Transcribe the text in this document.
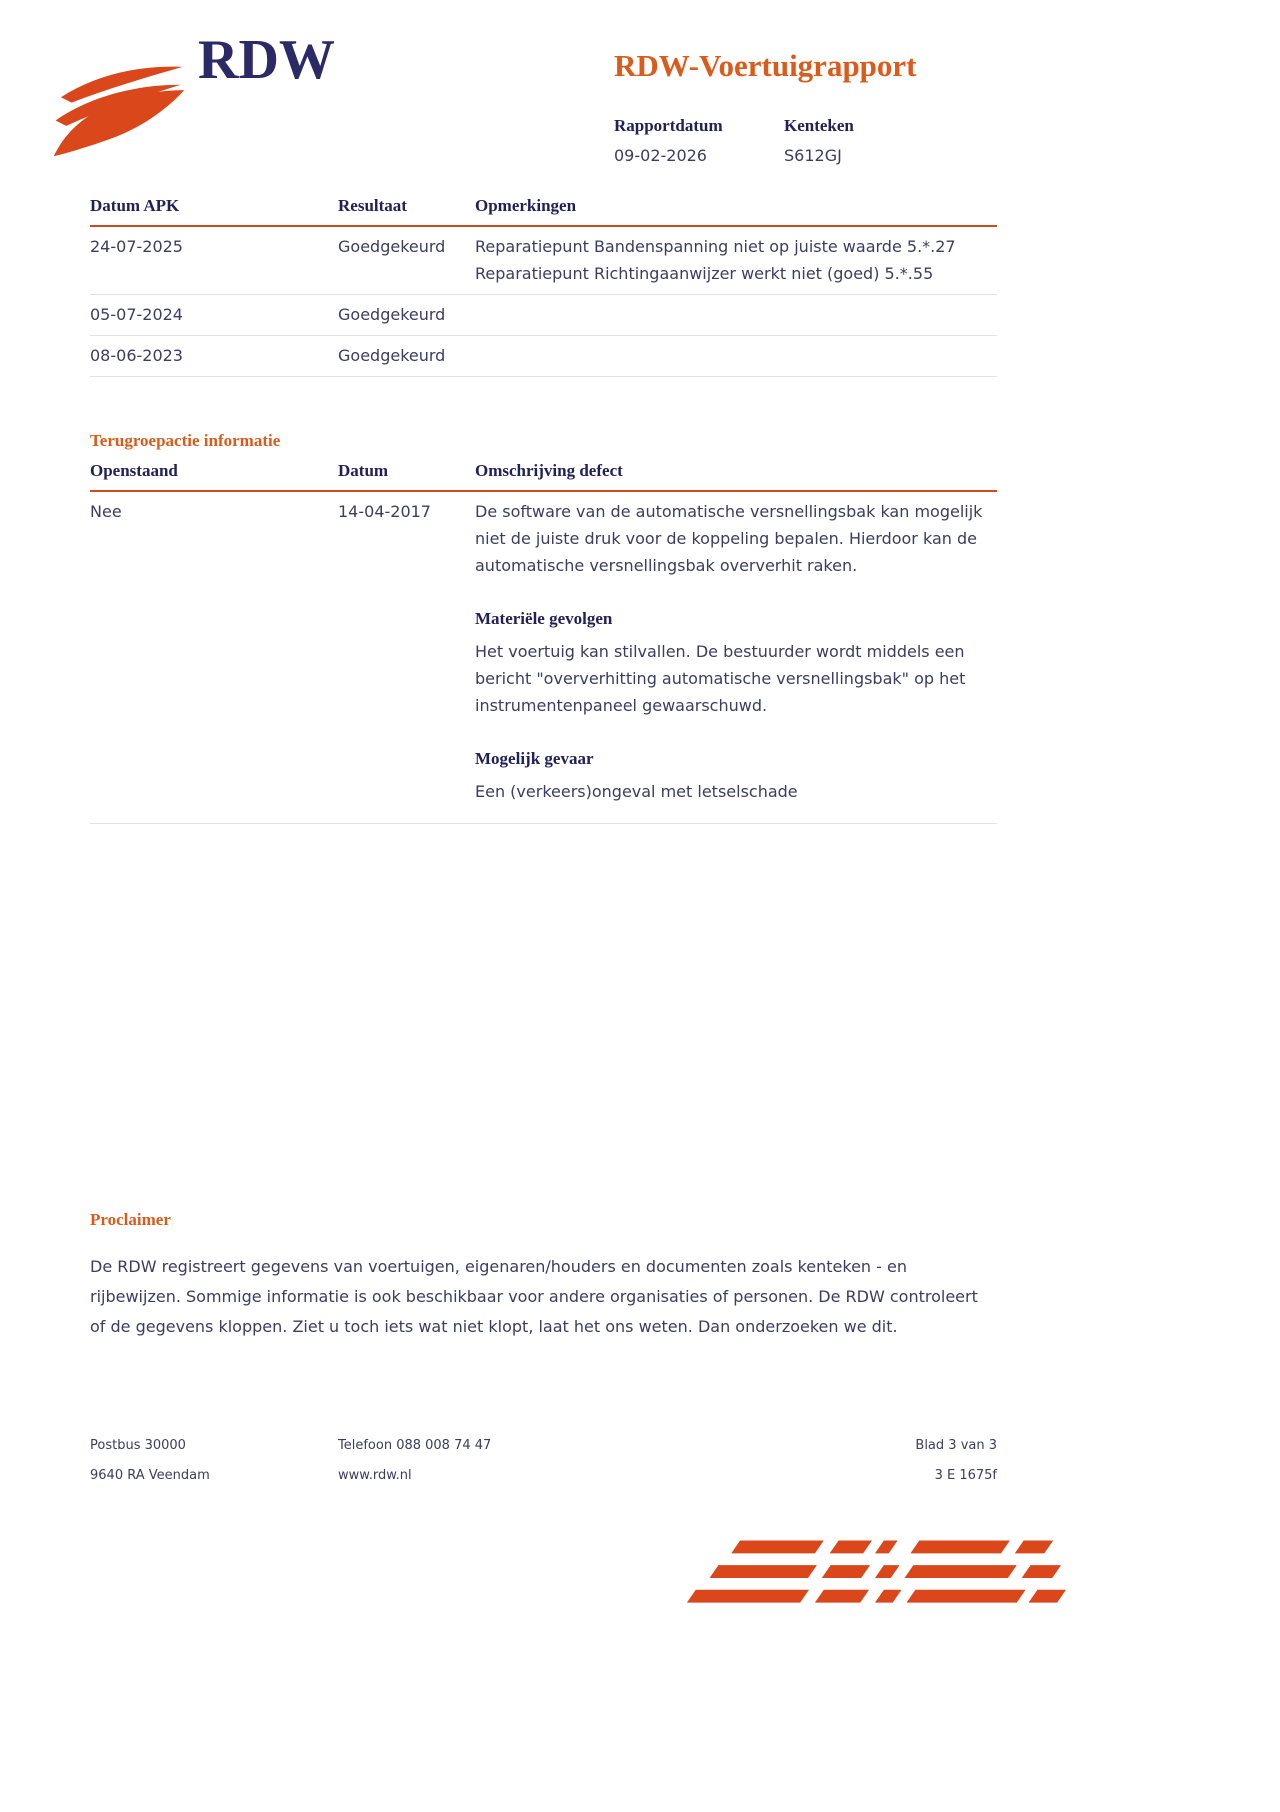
RDW	RDW-Voertuigrapport
Rapportdatum
09-02-2026
Kenteken
S612GJ
Datum APK	Resultaat	Opmerkingen
24-07-2025	Goedgekeurd	Reparatiepunt Bandenspanning niet op juiste waarde 5.*.27
Reparatiepunt Richtingaanwijzer werkt niet (goed) 5.*.55
05-07-2024	Goedgekeurd
08-06-2023	Goedgekeurd
Terugroepactie informatie
Openstaand	Datum	Omschrijving defect
Nee	14-04-2017	De software van de automatische versnellingsbak kan mogelijk niet de juiste druk voor de koppeling bepalen. Hierdoor kan de automatische versnellingsbak oververhit raken.

Materiële gevolgen

Het voertuig kan stilvallen. De bestuurder wordt middels een bericht "oververhitting automatische versnellingsbak" op het instrumentenpaneel gewaarschuwd.

Mogelijk gevaar

Een (verkeers)ongeval met letselschade

Proclaimer

De RDW registreert gegevens van voertuigen, eigenaren/houders en documenten zoals kenteken - en rijbewijzen. Sommige informatie is ook beschikbaar voor andere organisaties of personen. De RDW controleert of de gegevens kloppen. Ziet u toch iets wat niet klopt, laat het ons weten. Dan onderzoeken we dit.

Postbus 30000	Telefoon 088 008 74 47	Blad 3 van 3
9640 RA Veendam	www.rdw.nl	3 E 1675f
